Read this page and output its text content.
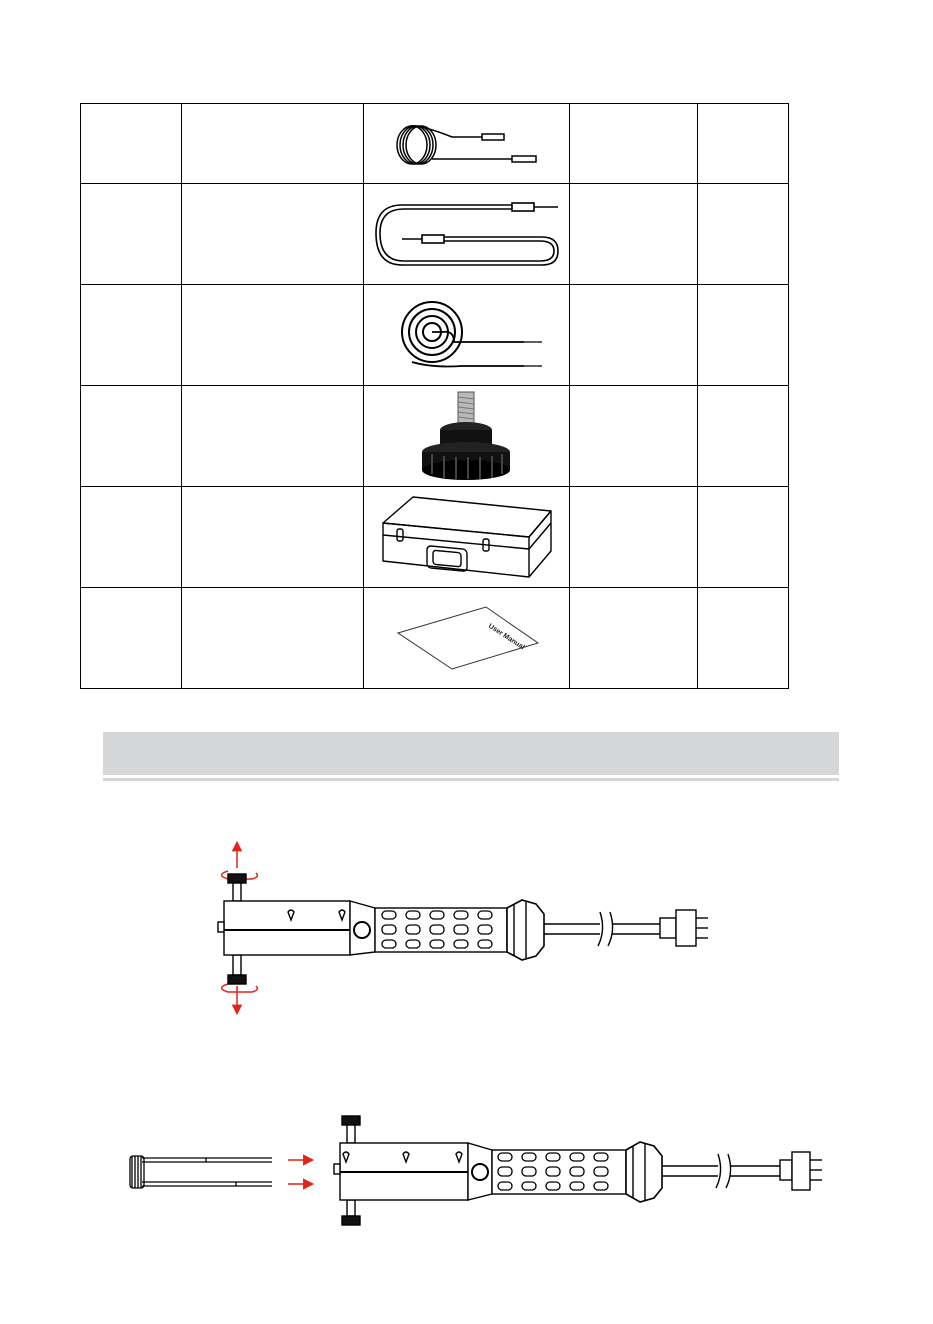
User Manual		
